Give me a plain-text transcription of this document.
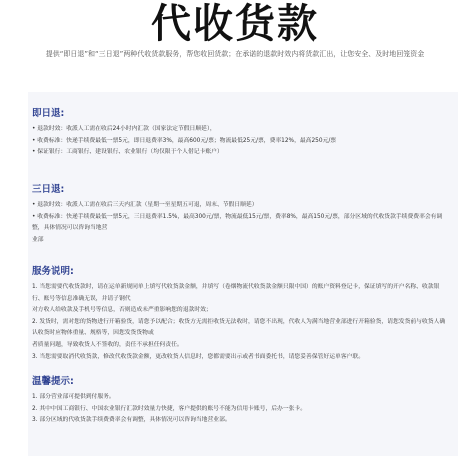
代收货款
提供“即日退”和“三日退”两种代收货款服务，帮您收回货款；在承诺的退款时效内将货款汇出，让您安全、及时地回笼资金
即日退:
• 退款时效：收派人工需在收后24小时内汇款（国家法定节假日顺延），
• 收费标准：快递手续费最低一票5元，即日退费率3%，最高600元/票；物流最低25元/票，费率12%，最高250元/票
• 保证银行：工商银行、建设银行、农业银行（均仅限于个人借记卡账户）
三日退:
• 退款时效：收派人工需在收后三天内汇款（星期一至星期五可退，周末、节假日顺延）
• 收费标准：快递手续费最低一票5元，三日退费率1.5%，最高300元/票，物流最低15元/票，费率8%，最高150元/票，部分区域的代收货款手续费费率会有调整，具体情况可以咨询当地营
业部
服务说明:
1. 当您需要代收货款时，请在运单新规同单上填写代收货款金额，并填写（卷烟物流代收货款金额只限中国）的账户资料登记卡，保证填写的开户名称、收款银行、账号等信息准确无误，并请子钢代
对方收人给收款及手机号等信息，否则造成未严重影响您的退款时效；
2. 发货时，需对您的货物进行开箱验货，请您予以配合；收货方无需拒收货无法收时，请您不出现，代收人为满当地营业部进行开箱验货，请您发货前与收货人确认收货时应物体重量、规格等，因您发货货物或
者质量问题，导致收货人不签收的，责任不承担任何责任。
3. 当您需要取消代收货款，修改代收货款金额，更改收货人信息时，您都需要出示或者书面委托书，请您妥善保管好运单客户联。
温馨提示:
1. 部分营业部可提供到付服务。
2. 其中中国工商银行、中国农业银行汇款时效量力快捷，客户提供的账号不能为信用卡账号，后办一张卡。
3. 部分区域的代收货款手续费费率会有调整，具体情况可以咨询当地营业部。
